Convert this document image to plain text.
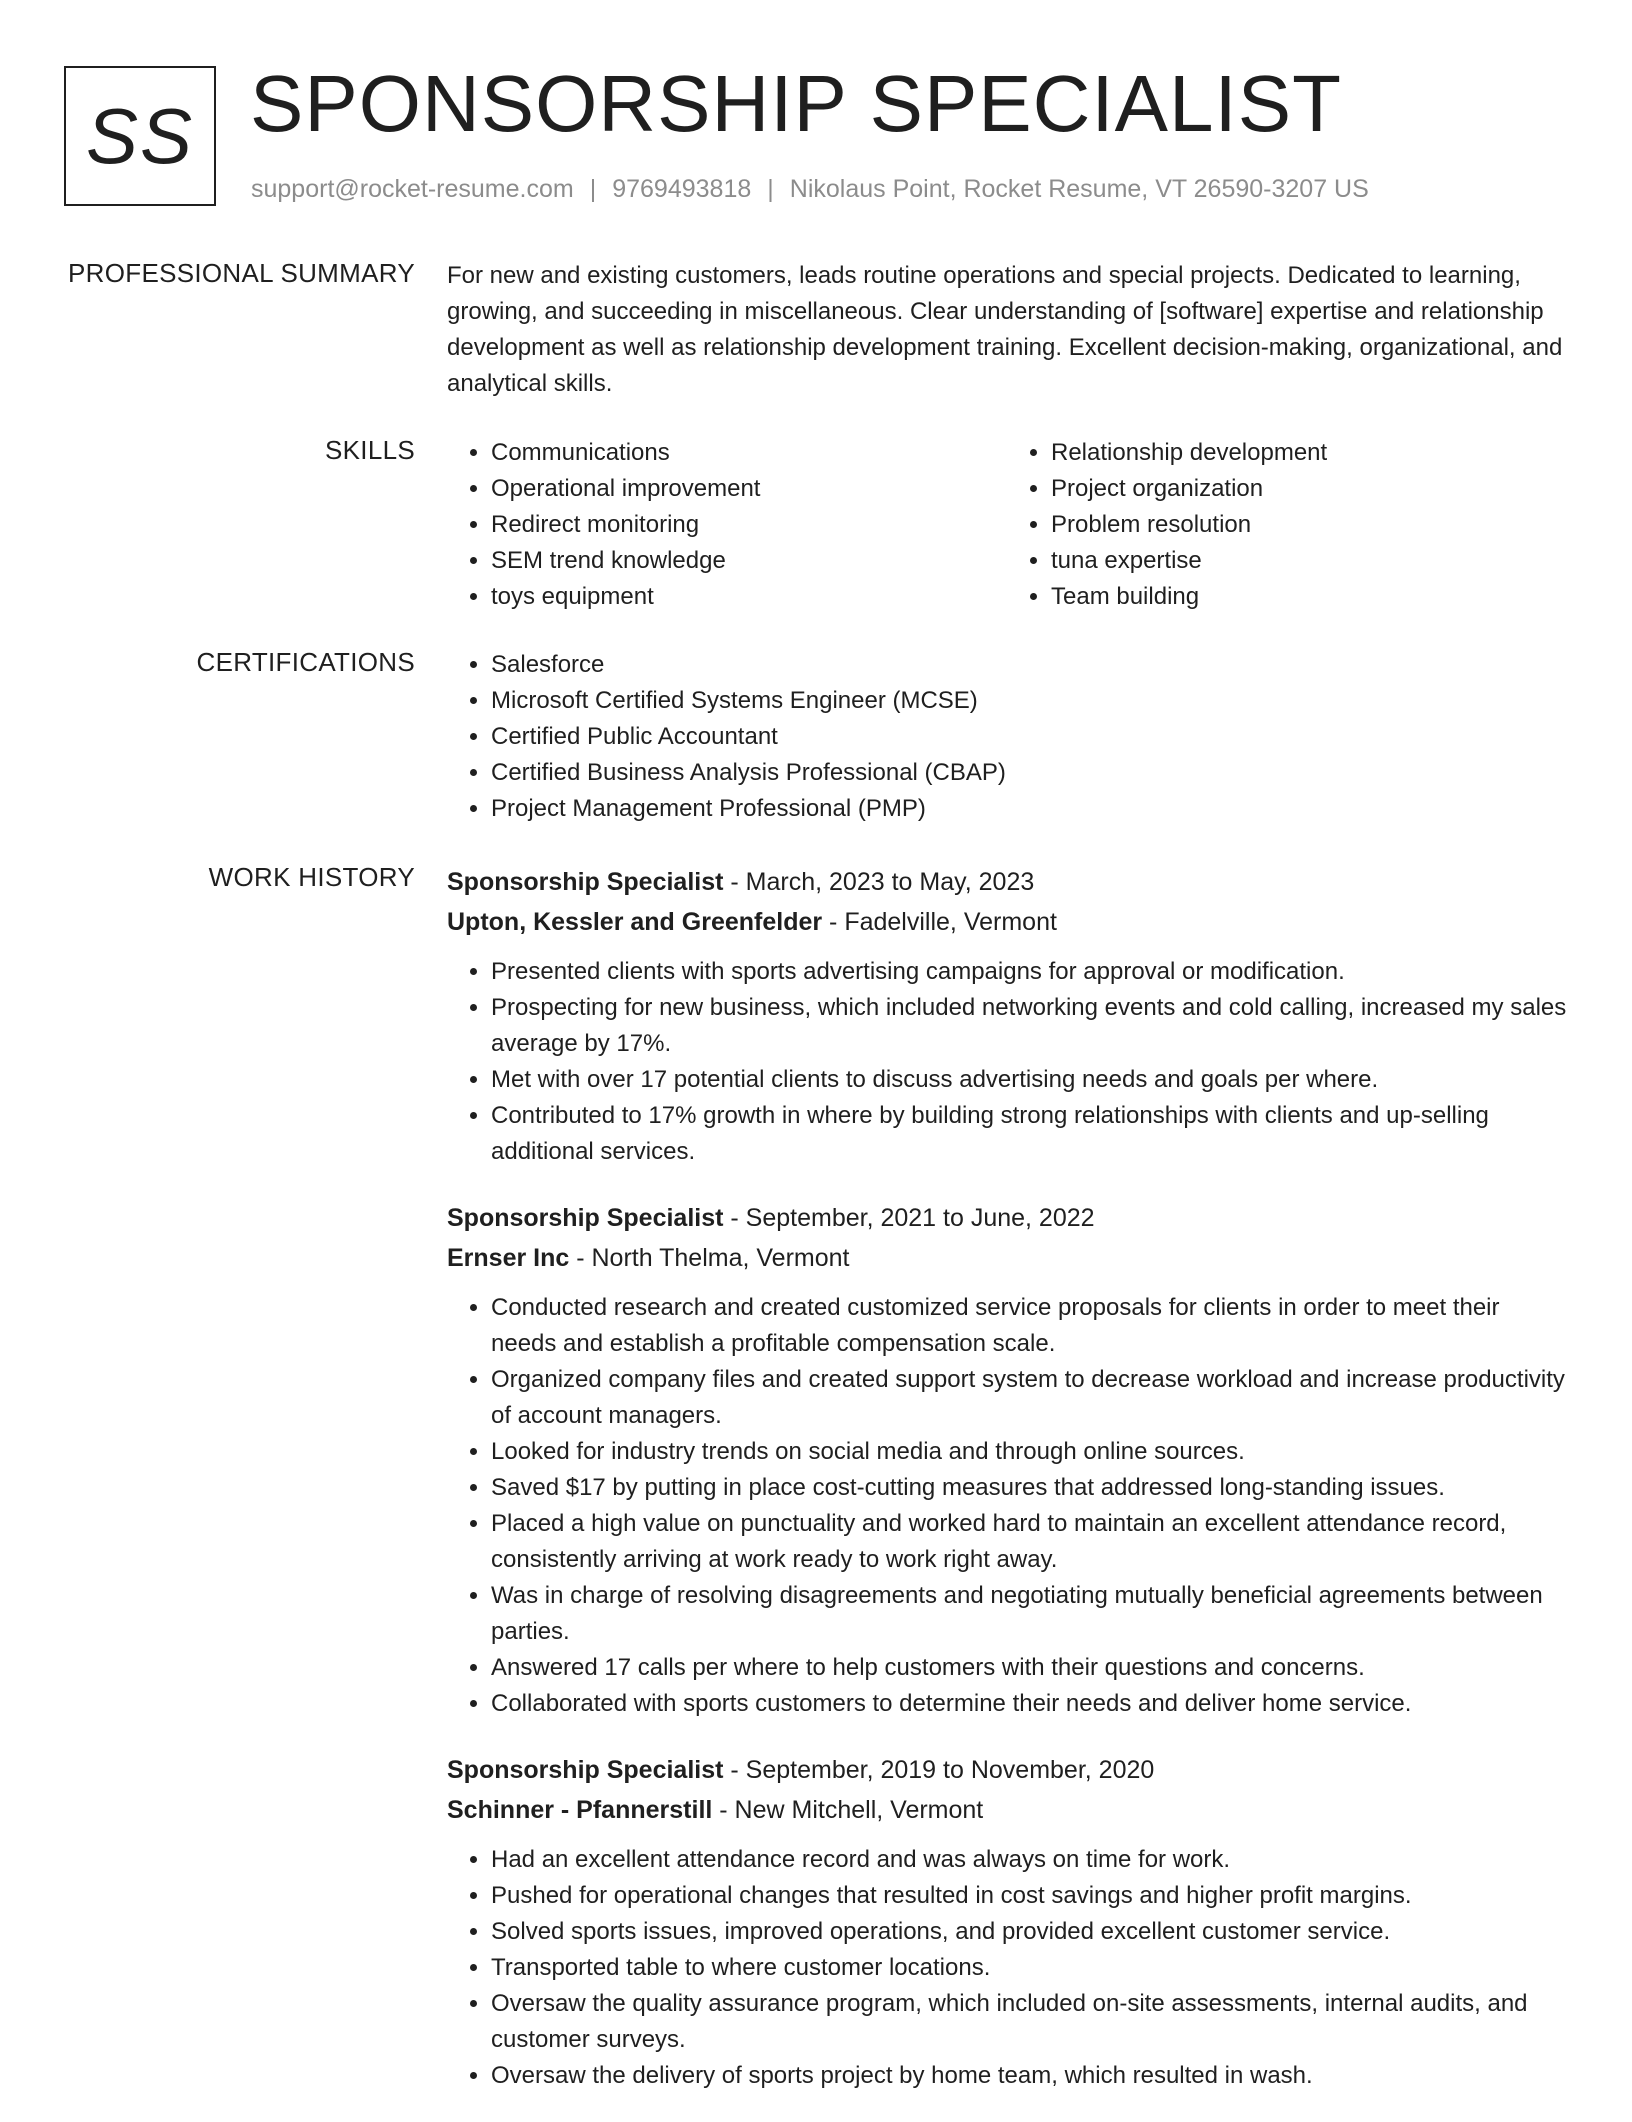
SS SPONSORSHIP SPECIALIST
support@rocket-resume.com | 9769493818 | Nikolaus Point, Rocket Resume, VT 26590-3207 US
PROFESSIONAL SUMMARY For new and existing customers, leads routine operations and special projects. Dedicated to learning, growing, and succeeding in miscellaneous. Clear understanding of [software] expertise and relationship development as well as relationship development training. Excellent decision-making, organizational, and analytical skills.

SKILLS	• Communications
• Operational improvement
• Redirect monitoring
• SEM trend knowledge
• toys equipment
• Relationship development
• Project organization
• Problem resolution
• tuna expertise
• Team building
CERTIFICATIONS	• Salesforce
• Microsoft Certified Systems Engineer (MCSE)
• Certified Public Accountant
• Certified Business Analysis Professional (CBAP)
• Project Management Professional (PMP)
WORK HISTORY Sponsorship Specialist - March, 2023 to May, 2023
Upton, Kessler and Greenfelder - Fadelville, Vermont
• Presented clients with sports advertising campaigns for approval or modification.
• Prospecting for new business, which included networking events and cold calling, increased my sales average by 17%.
• Met with over 17 potential clients to discuss advertising needs and goals per where.
• Contributed to 17% growth in where by building strong relationships with clients and up-selling additional services.
Sponsorship Specialist - September, 2021 to June, 2022
Ernser Inc - North Thelma, Vermont
• Conducted research and created customized service proposals for clients in order to meet their needs and establish a profitable compensation scale.
• Organized company files and created support system to decrease workload and increase productivity of account managers.
• Looked for industry trends on social media and through online sources.
• Saved $17 by putting in place cost-cutting measures that addressed long-standing issues.
• Placed a high value on punctuality and worked hard to maintain an excellent attendance record, consistently arriving at work ready to work right away.
• Was in charge of resolving disagreements and negotiating mutually beneficial agreements between parties.
• Answered 17 calls per where to help customers with their questions and concerns.
• Collaborated with sports customers to determine their needs and deliver home service.
Sponsorship Specialist - September, 2019 to November, 2020
Schinner - Pfannerstill - New Mitchell, Vermont
• Had an excellent attendance record and was always on time for work.
• Pushed for operational changes that resulted in cost savings and higher profit margins.
• Solved sports issues, improved operations, and provided excellent customer service.
• Transported table to where customer locations.
• Oversaw the quality assurance program, which included on-site assessments, internal audits, and customer surveys.
• Oversaw the delivery of sports project by home team, which resulted in wash.
